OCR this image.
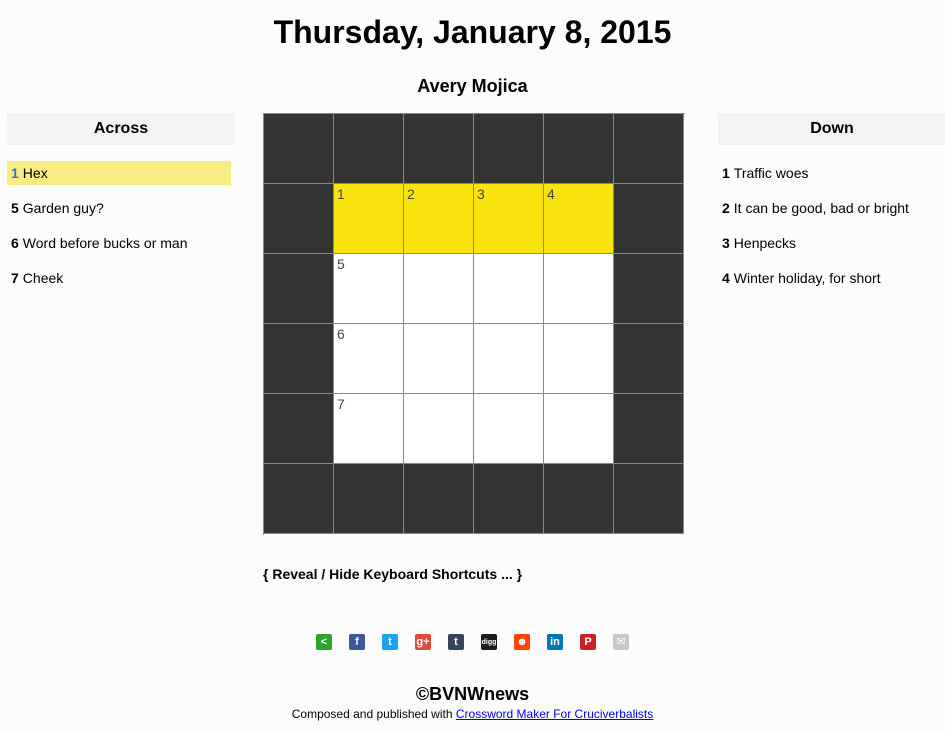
Thursday, January 8, 2015
Avery Mojica
Across
1 Hex
5 Garden guy?
6 Word before bucks or man
7 Cheek
1	2	3	4
5
6
7
Down
1 Traffic woes
2 It can be good, bad or bright
3 Henpecks
4 Winter holiday, for short
{ Reveal / Hide Keyboard Shortcuts ... }
<	f	t	g+	t	digg ☻ in	P	✉
©BVNWnews
Composed and published with Crossword Maker For Cruciverbalists
